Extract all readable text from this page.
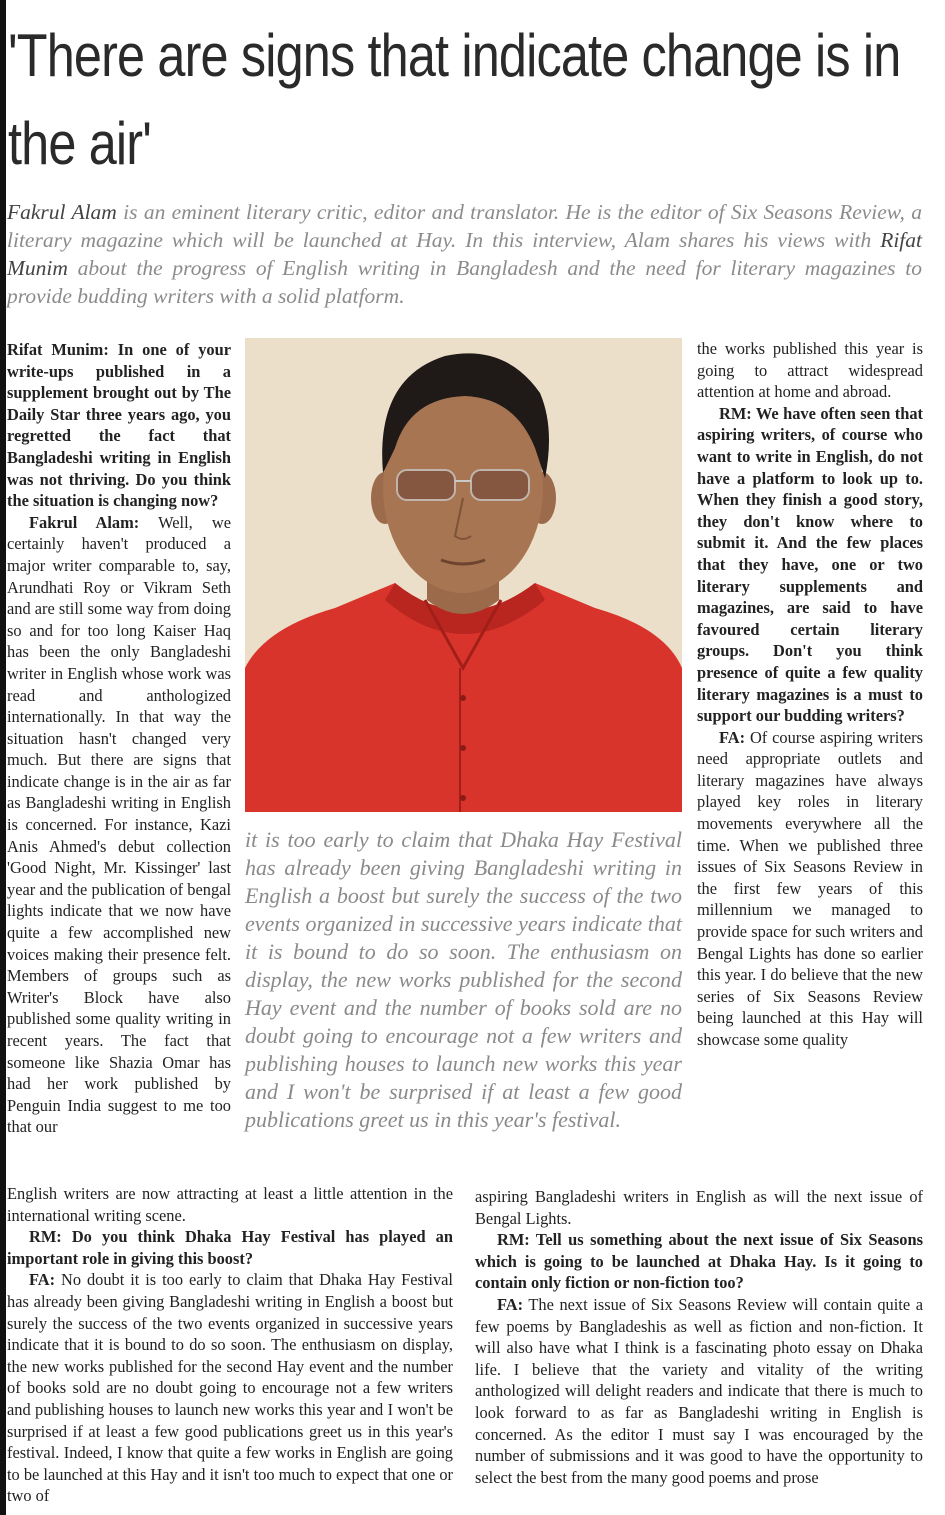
'There are signs that indicate change is in the air'

Fakrul Alam is an eminent literary critic, editor and translator. He is the editor of Six Seasons Review, a literary magazine which will be launched at Hay. In this interview, Alam shares his views with Rifat Munim about the progress of English writing in Bangladesh and the need for literary magazines to provide budding writers with a solid platform.

Rifat Munim: In one of your write-ups published in a supplement brought out by The Daily Star three years ago, you regretted the fact that Bangladeshi writing in English was not thriving. Do you think the situation is changing now?

Fakrul Alam: Well, we certainly haven't produced a major writer comparable to, say, Arundhati Roy or Vikram Seth and are still some way from doing so and for too long Kaiser Haq has been the only Bangladeshi writer in English whose work was read and anthologized internationally. In that way the situation hasn't changed very much. But there are signs that indicate change is in the air as far as Bangladeshi writing in English is concerned. For instance, Kazi Anis Ahmed's debut collection 'Good Night, Mr. Kissinger' last year and the publication of bengal lights indicate that we now have quite a few accomplished new voices making their presence felt. Members of groups such as Writer's Block have also published some quality writing in recent years. The fact that someone like Shazia Omar has had her work published by Penguin India suggest to me too that our

it is too early to claim that Dhaka Hay Festival has already been giving Bangladeshi writing in English a boost but surely the success of the two events organized in successive years indicate that it is bound to do so soon. The enthusiasm on display, the new works published for the second Hay event and the number of books sold are no doubt going to encourage not a few writers and publishing houses to launch new works this year and I won't be surprised if at least a few good publications greet us in this year's festival.

the works published this year is going to attract widespread attention at home and abroad.

RM: We have often seen that aspiring writers, of course who want to write in English, do not have a platform to look up to. When they finish a good story, they don't know where to submit it. And the few places that they have, one or two literary supplements and magazines, are said to have favoured certain literary groups. Don't you think presence of quite a few quality literary magazines is a must to support our budding writers?

FA: Of course aspiring writers need appropriate outlets and literary magazines have always played key roles in literary movements everywhere all the time. When we published three issues of Six Seasons Review in the first few years of this millennium we managed to provide space for such writers and Bengal Lights has done so earlier this year. I do believe that the new series of Six Seasons Review being launched at this Hay will showcase some quality

English writers are now attracting at least a little attention in the international writing scene.

RM: Do you think Dhaka Hay Festival has played an important role in giving this boost?

FA: No doubt it is too early to claim that Dhaka Hay Festival has already been giving Bangladeshi writing in English a boost but surely the success of the two events organized in successive years indicate that it is bound to do so soon. The enthusiasm on display, the new works published for the second Hay event and the number of books sold are no doubt going to encourage not a few writers and publishing houses to launch new works this year and I won't be surprised if at least a few good publications greet us in this year's festival. Indeed, I know that quite a few works in English are going to be launched at this Hay and it isn't too much to expect that one or two of

aspiring Bangladeshi writers in English as will the next issue of Bengal Lights.

RM: Tell us something about the next issue of Six Seasons which is going to be launched at Dhaka Hay. Is it going to contain only fiction or non-fiction too?

FA: The next issue of Six Seasons Review will contain quite a few poems by Bangladeshis as well as fiction and non-fiction. It will also have what I think is a fascinating photo essay on Dhaka life. I believe that the variety and vitality of the writing anthologized will delight readers and indicate that there is much to look forward to as far as Bangladeshi writing in English is concerned. As the editor I must say I was encouraged by the number of submissions and it was good to have the opportunity to select the best from the many good poems and prose
